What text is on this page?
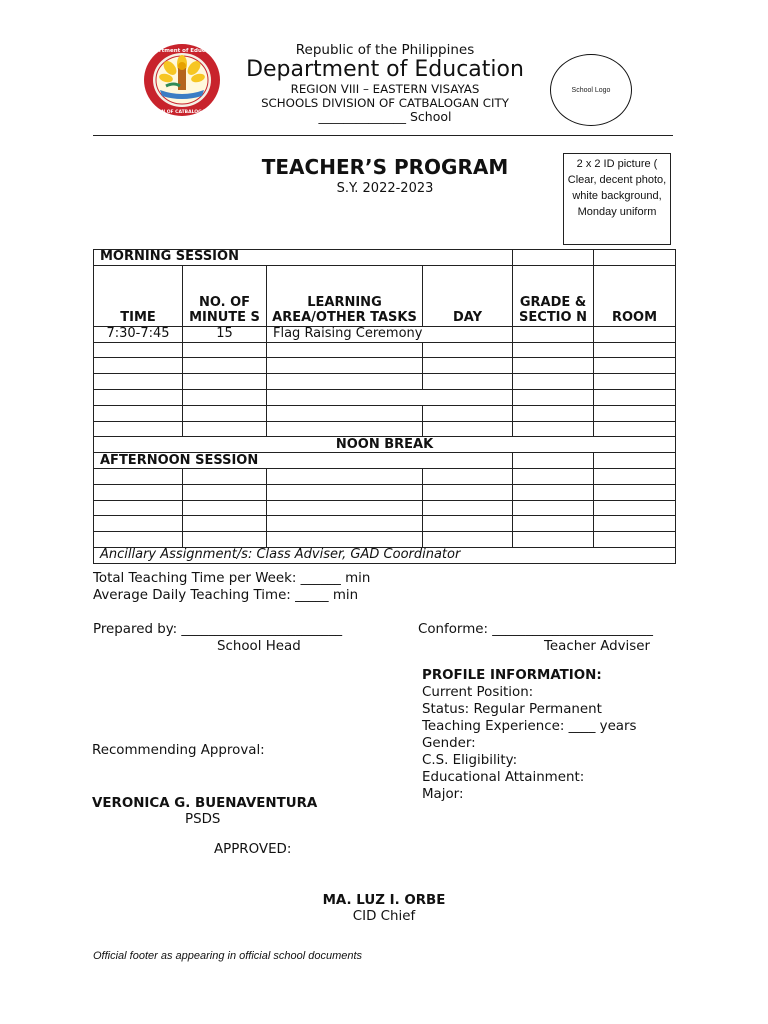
Department of Education
DIVISION OF CATBALOGAN CITY
Republic of the Philippines
Department of Education
REGION VIII – EASTERN VISAYAS
SCHOOLS DIVISION OF CATBALOGAN CITY
______________ School
School Logo
TEACHER’S PROGRAM
S.Y. 2022-2023
2 x 2 ID picture ( Clear, decent photo, white background, Monday uniform
MORNING SESSION					
TIME	NO. OF MINUTE S	LEARNING AREA/OTHER TASKS	DAY	GRADE & SECTIO N	ROOM
7:30-7:45	15	Flag Raising Ceremony			

NOON BREAK					
AFTERNOON SESSION					

Ancillary Assignment/s: Class Adviser, GAD Coordinator					
Total Teaching Time per Week: ______ min
Average Daily Teaching Time: _____ min
Prepared by: ________________________
School Head
Conforme: ________________________
Teacher Adviser
PROFILE INFORMATION:
Current Position:
Status: Regular Permanent
Teaching Experience: ____ years
Gender:
C.S. Eligibility:
Educational Attainment:
Major:
Recommending Approval:
VERONICA G. BUENAVENTURA
PSDS
APPROVED:
MA. LUZ I. ORBE
CID Chief
Official footer as appearing in official school documents
